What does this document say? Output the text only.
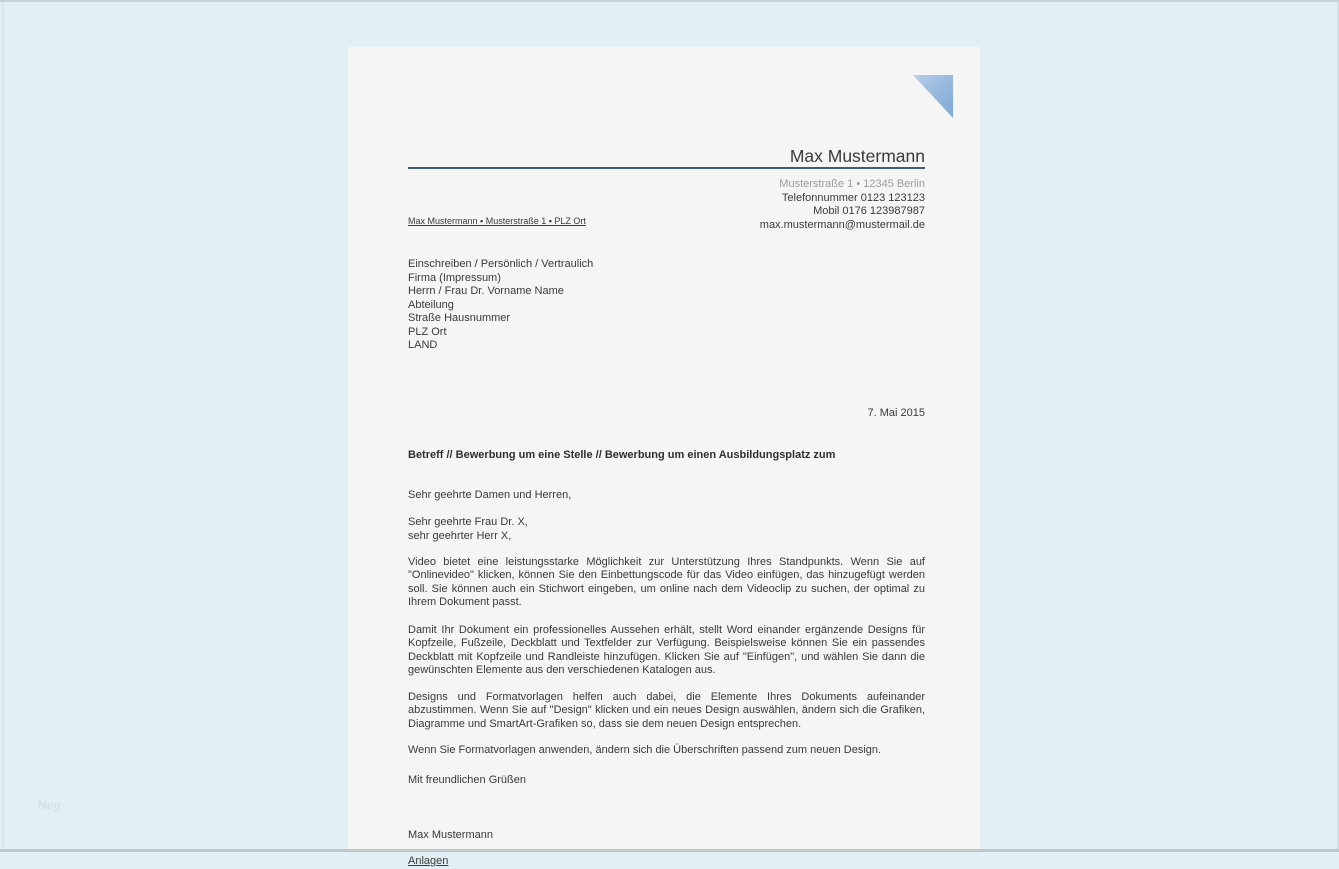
Neg
Max Mustermann
Musterstraße 1 • 12345 Berlin
Telefonnummer 0123 123123
Mobil 0176 123987987
max.mustermann@mustermail.de
Max Mustermann ▪ Musterstraße 1 ▪ PLZ Ort
Einschreiben / Persönlich / Vertraulich
Firma (Impressum)
Herrn / Frau Dr. Vorname Name
Abteilung
Straße Hausnummer
PLZ Ort
LAND
7. Mai 2015
Betreff // Bewerbung um eine Stelle // Bewerbung um einen Ausbildungsplatz zum
Sehr geehrte Damen und Herren,
Sehr geehrte Frau Dr. X,
sehr geehrter Herr X,
Video bietet eine leistungsstarke Möglichkeit zur Unterstützung Ihres Standpunkts. Wenn Sie auf "Onlinevideo" klicken, können Sie den Einbettungscode für das Video einfügen, das hinzugefügt werden soll. Sie können auch ein Stichwort eingeben, um online nach dem Videoclip zu suchen, der optimal zu Ihrem Dokument passt.
Damit Ihr Dokument ein professionelles Aussehen erhält, stellt Word einander ergänzende Designs für Kopfzeile, Fußzeile, Deckblatt und Textfelder zur Verfügung. Beispielsweise können Sie ein passendes Deckblatt mit Kopfzeile und Randleiste hinzufügen. Klicken Sie auf "Einfügen", und wählen Sie dann die gewünschten Elemente aus den verschiedenen Katalogen aus.
Designs und Formatvorlagen helfen auch dabei, die Elemente Ihres Dokuments aufeinander abzustimmen. Wenn Sie auf "Design" klicken und ein neues Design auswählen, ändern sich die Grafiken, Diagramme und SmartArt-Grafiken so, dass sie dem neuen Design entsprechen.
Wenn Sie Formatvorlagen anwenden, ändern sich die Überschriften passend zum neuen Design.
Mit freundlichen Grüßen
Max Mustermann
Anlagen
